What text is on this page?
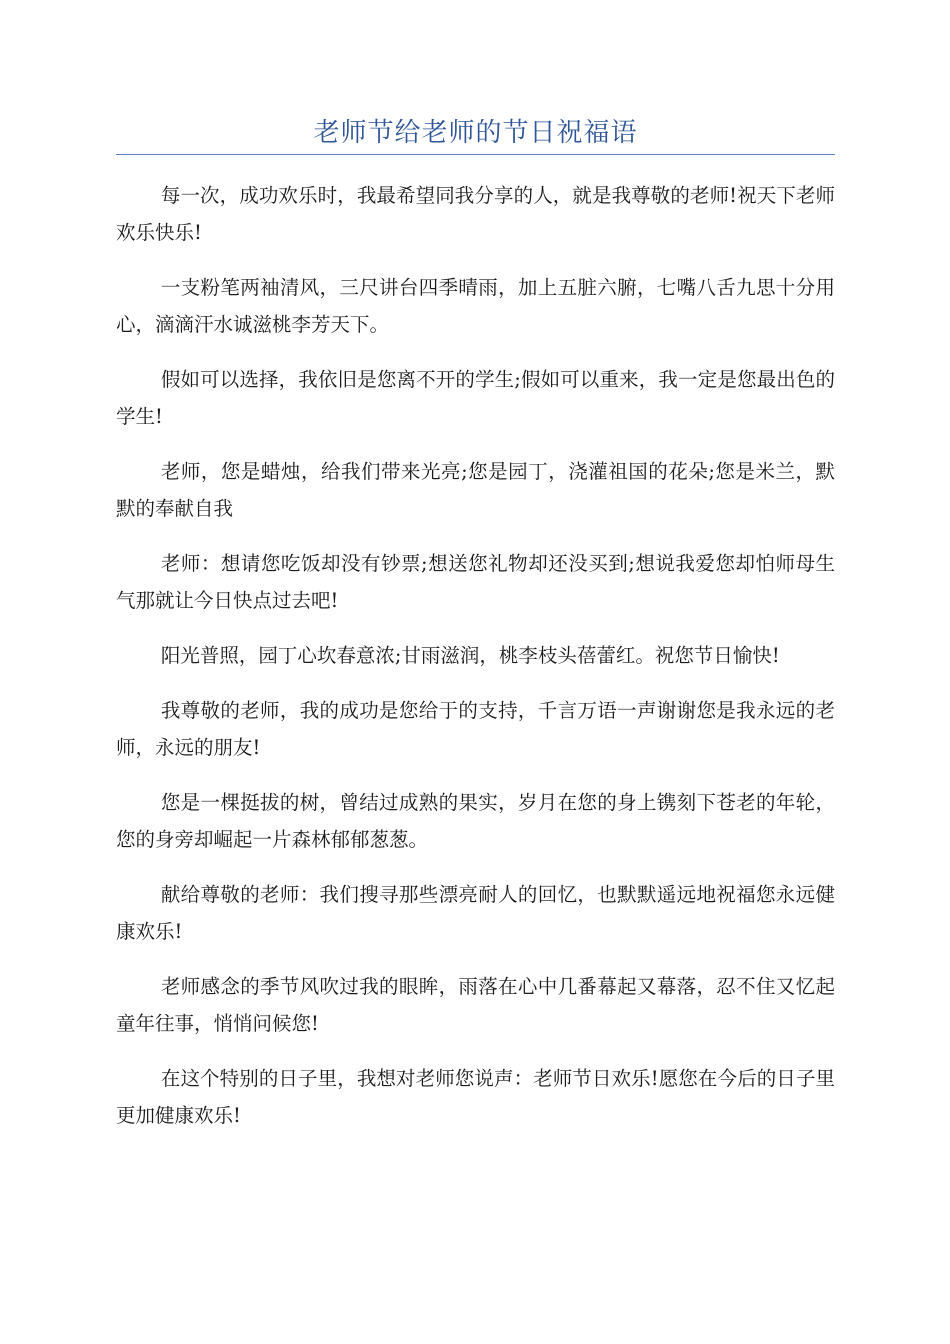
老师节给老师的节日祝福语

每一次，成功欢乐时，我最希望同我分享的人，就是我尊敬的老师!祝天下老师欢乐快乐!

一支粉笔两袖清风，三尺讲台四季晴雨，加上五脏六腑，七嘴八舌九思十分用心，滴滴汗水诚滋桃李芳天下。

假如可以选择，我依旧是您离不开的学生;假如可以重来，我一定是您最出色的学生!

老师，您是蜡烛，给我们带来光亮;您是园丁，浇灌祖国的花朵;您是米兰，默默的奉献自我

老师：想请您吃饭却没有钞票;想送您礼物却还没买到;想说我爱您却怕师母生气那就让今日快点过去吧!

阳光普照，园丁心坎春意浓;甘雨滋润，桃李枝头蓓蕾红。祝您节日愉快!

我尊敬的老师，我的成功是您给于的支持，千言万语一声谢谢您是我永远的老师，永远的朋友!

您是一棵挺拔的树，曾结过成熟的果实，岁月在您的身上镌刻下苍老的年轮，您的身旁却崛起一片森林郁郁葱葱。

献给尊敬的老师：我们搜寻那些漂亮耐人的回忆，也默默遥远地祝福您永远健康欢乐!

老师感念的季节风吹过我的眼眸，雨落在心中几番幕起又幕落，忍不住又忆起童年往事，悄悄问候您!

在这个特别的日子里，我想对老师您说声：老师节日欢乐!愿您在今后的日子里更加健康欢乐!
